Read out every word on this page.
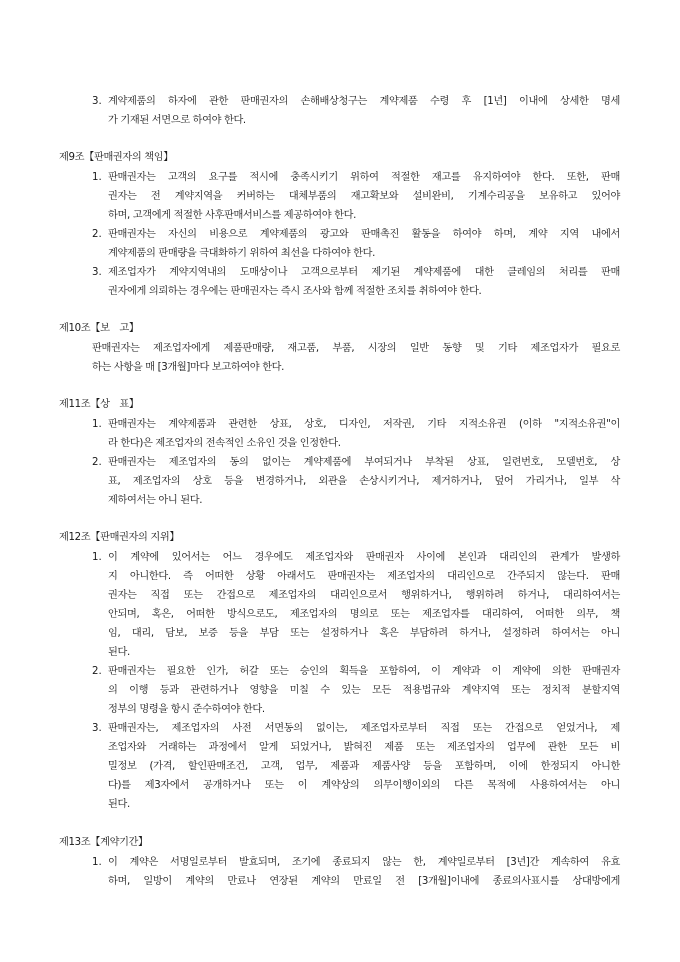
3. 계약제품의 하자에 관한 판매권자의 손해배상청구는 계약제품 수령 후 [1년] 이내에 상세한 명세
가 기재된 서면으로 하여야 한다.
제9조【판매권자의 책임】
1. 판매권자는 고객의 요구를 적시에 충족시키기 위하여 적절한 재고를 유지하여야 한다. 또한, 판매
권자는 전 계약지역을 커버하는 대체부품의 재고확보와 설비완비, 기계수리공을 보유하고 있어야
하며, 고객에게 적절한 사후판매서비스를 제공하여야 한다.
2. 판매권자는 자신의 비용으로 계약제품의 광고와 판매촉진 활동을 하여야 하며, 계약 지역 내에서
계약제품의 판매량을 극대화하기 위하여 최선을 다하여야 한다.
3. 제조업자가 계약지역내의 도매상이나 고객으로부터 제기된 계약제품에 대한 클레임의 처리를 판매
권자에게 의뢰하는 경우에는 판매권자는 즉시 조사와 함께 적절한 조치를 취하여야 한다.
제10조【보　고】
판매권자는 제조업자에게 제품판매량, 재고품, 부품, 시장의 일반 동향 및 기타 제조업자가 필요로
하는 사항을 매 [3개월]마다 보고하여야 한다.
제11조【상　표】
1. 판매권자는 계약제품과 관련한 상표, 상호, 디자인, 저작권, 기타 지적소유권 (이하 "지적소유권"이
라 한다)은 제조업자의 전속적인 소유인 것을 인정한다.
2. 판매권자는 제조업자의 동의 없이는 계약제품에 부여되거나 부착된 상표, 일련번호, 모델번호, 상
표, 제조업자의 상호 등을 변경하거나, 외관을 손상시키거나, 제거하거나, 덮어 가리거나, 일부 삭
제하여서는 아니 된다.
제12조【판매권자의 지위】
1. 이 계약에 있어서는 어느 경우에도 제조업자와 판매권자 사이에 본인과 대리인의 관계가 발생하
지 아니한다. 즉 어떠한 상황 아래서도 판매권자는 제조업자의 대리인으로 간주되지 않는다. 판매
권자는 직접 또는 간접으로 제조업자의 대리인으로서 행위하거나, 행위하려 하거나, 대리하여서는
안되며, 혹은, 어떠한 방식으로도, 제조업자의 명의로 또는 제조업자를 대리하여, 어떠한 의무, 책
임, 대리, 담보, 보증 등을 부담 또는 설정하거나 혹은 부담하려 하거나, 설정하려 하여서는 아니
된다.
2. 판매권자는 필요한 인가, 허갈 또는 승인의 획득을 포함하여, 이 계약과 이 계약에 의한 판매권자
의 이행 등과 관련하거나 영향을 미칠 수 있는 모든 적용법규와 계약지역 또는 정치적 분할지역
정부의 명령을 항시 준수하여야 한다.
3. 판매권자는, 제조업자의 사전 서면동의 없이는, 제조업자로부터 직접 또는 간접으로 얻었거나, 제
조업자와 거래하는 과정에서 알게 되었거나, 밝혀진 제품 또는 제조업자의 업무에 관한 모든 비
밀정보 (가격, 할인판매조건, 고객, 업무, 제품과 제품사양 등을 포함하며, 이에 한정되지 아니한
다)를 제3자에서 공개하거나 또는 이 계약상의 의무이행이외의 다른 목적에 사용하여서는 아니
된다.
제13조【계약기간】
1. 이 계약은 서명일로부터 발효되며, 조기에 종료되지 않는 한, 계약일로부터 [3년]간 계속하여 유효
하며, 일방이 계약의 만료나 연장된 계약의 만료일 전 [3개월]이내에 종료의사표시를 상대방에게
